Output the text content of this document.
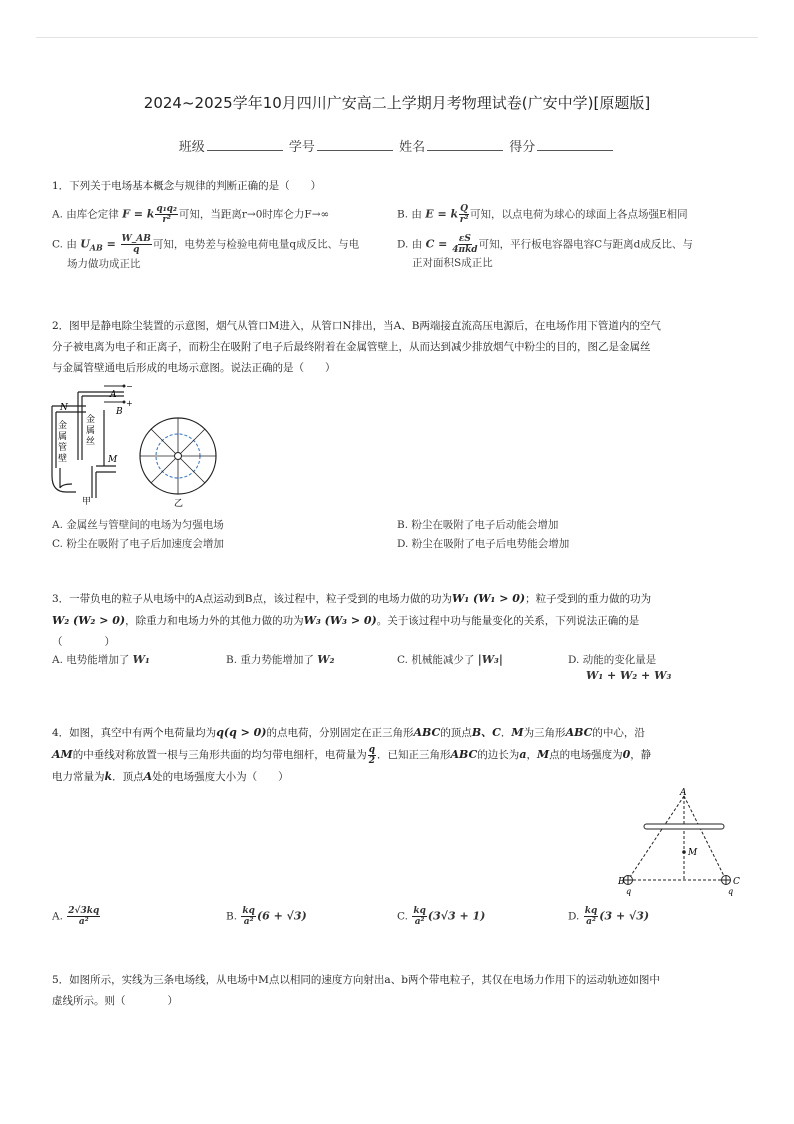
2024~2025学年10月四川广安高二上学期月考物理试卷(广安中学)[原题版]
班级	学号	姓名	得分
1．下列关于电场基本概念与规律的判断正确的是（　　）
A. 由库仑定律 F = k $\frac{\text{q₁q₂}}{\text{r²}}$ 可知，当距离r→0时库仑力F→∞	B. 由 E = k $\frac{Q}{\text{r²}}$ 可知，以点电荷为球心的球面上各点场强E相同
C. 由 $U_{AB} = \frac{W\_AB}{q}$ 可知，电势差与检验电荷电量q成反比、与电
场力做功成正比
D. 由 $C = \frac{\varepsilon S}{\text{4πkd}}$ 可知，平行板电容器电容C与距离d成反比、与
正对面积S成正比
2．图甲是静电除尘装置的示意图，烟气从管口M进入，从管口N排出，当A、B两端接直流高压电源后，在电场作用下管道内的空气
分子被电离为电子和正离子，而粉尘在吸附了电子后最终附着在金属管壁上，从而达到减少排放烟气中粉尘的目的，图乙是金属丝
与金属管壁通电后形成的电场示意图。说法正确的是（　　）
−
+
A
B
N
M
金
属
管
壁
金
属
丝
甲	乙
A. 金属丝与管壁间的电场为匀强电场	B. 粉尘在吸附了电子后动能会增加
C. 粉尘在吸附了电子后加速度会增加	D. 粉尘在吸附了电子后电势能会增加
3．一带负电的粒子从电场中的A点运动到B点，该过程中，粒子受到的电场力做的功为W₁ (W₁ > 0)；粒子受到的重力做的功为
W₂ (W₂ > 0)，除重力和电场力外的其他力做的功为W₃ (W₃ > 0)。关于该过程中功与能量变化的关系，下列说法正确的是
（　　　　）
A. 电势能增加了 W₁	B. 重力势能增加了 W₂	C. 机械能减少了 |W₃|	D. 动能的变化量是
W₁ + W₂ + W₃
4．如图，真空中有两个电荷量均为q(q > 0)的点电荷，分别固定在正三角形ABC的顶点B、C．M为三角形ABC的中心，沿
AM的中垂线对称放置一根与三角形共面的均匀带电细杆，电荷量为 $\frac{q}{2}$ ．已知正三角形ABC的边长为a，M点的电场强度为0，静
电力常量为k．顶点A处的电场强度大小为（　　）
A
M
B	C
q	q
A. $\frac{2√3kq}{\text{a²}}$	B. $\frac{kq}{\text{a²}} (6 + √3)$	C. $\frac{kq}{\text{a²}} (3√3 + 1)$	D. $\frac{kq}{\text{a²}} (3 + √3)$
5．如图所示，实线为三条电场线，从电场中M点以相同的速度方向射出a、b两个带电粒子，其仅在电场力作用下的运动轨迹如图中
虚线所示。则（　　　　）
